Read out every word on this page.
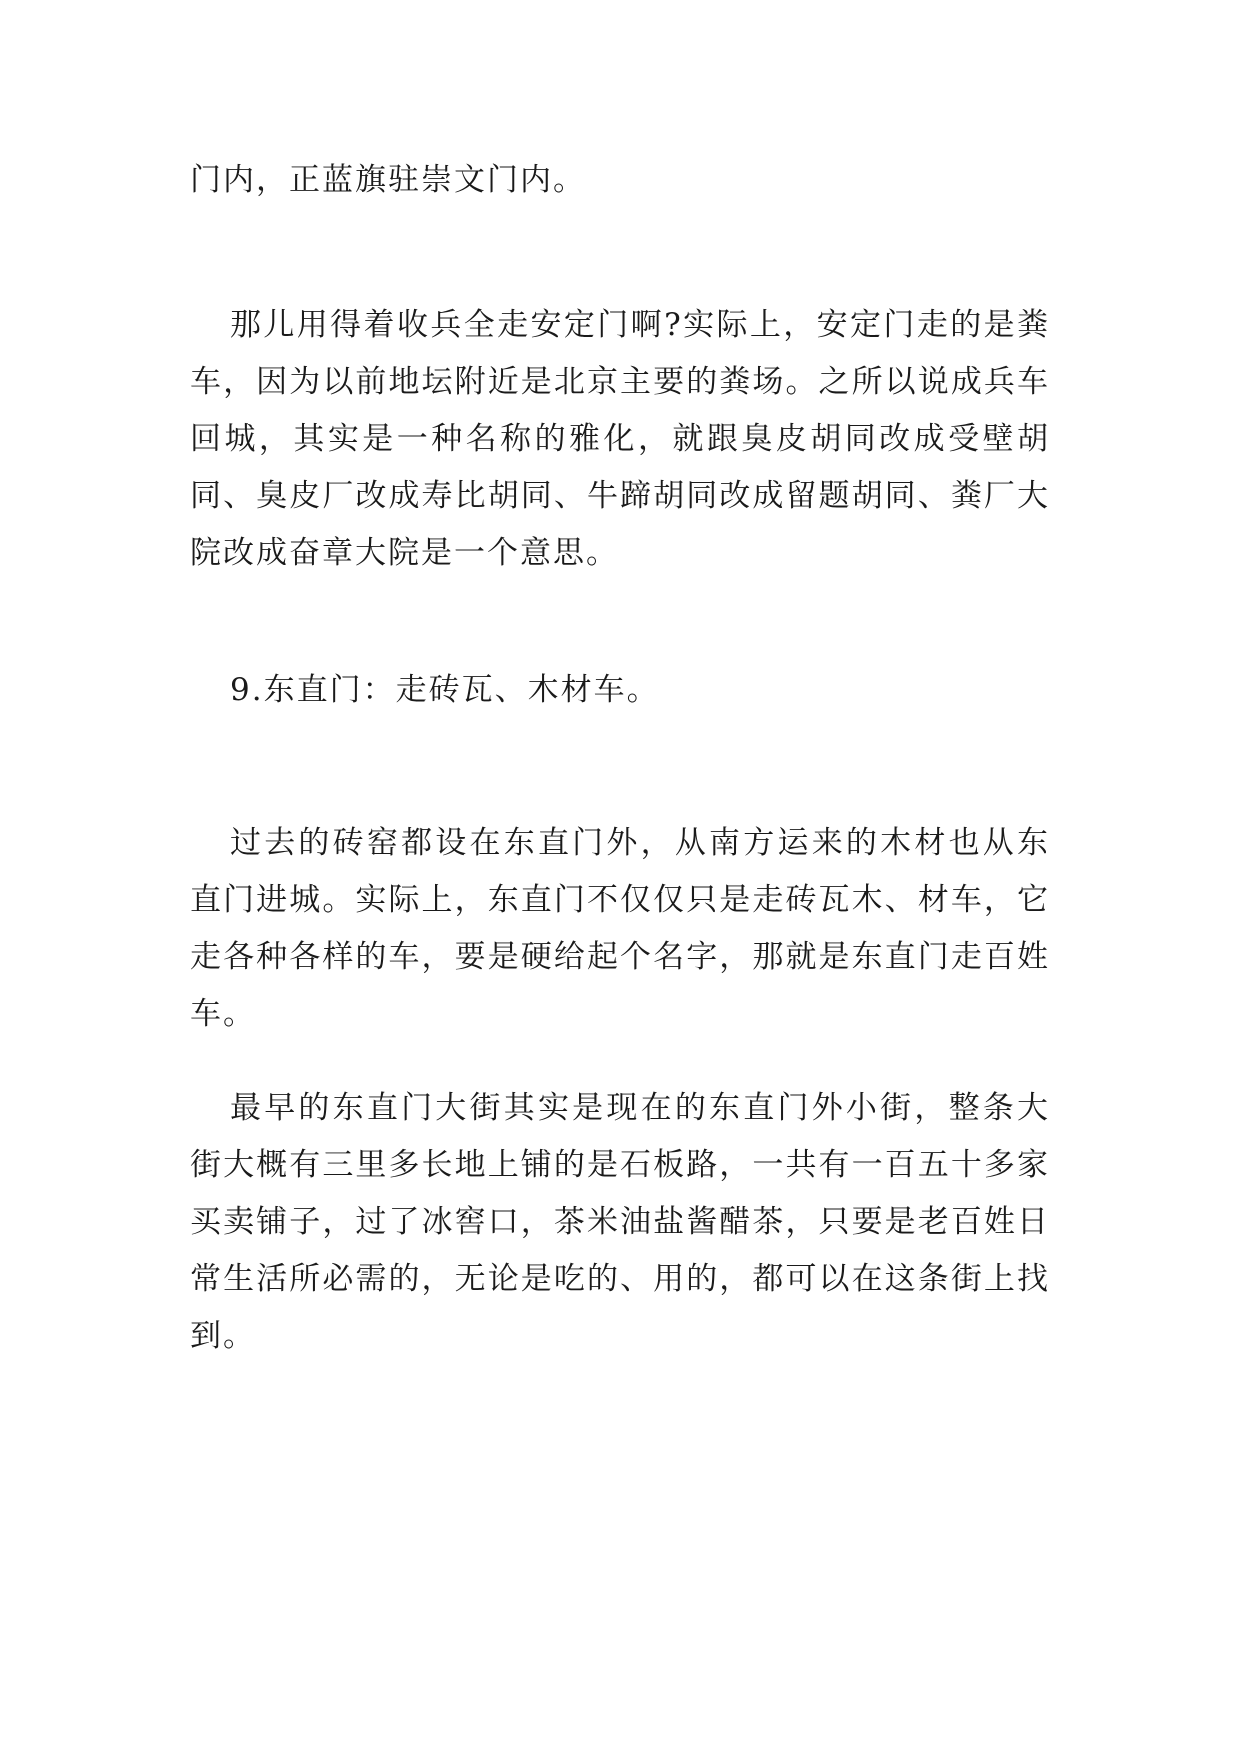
门内，正蓝旗驻崇文门内。

那儿用得着收兵全走安定门啊?实际上，安定门走的是粪车，因为以前地坛附近是北京主要的粪场。之所以说成兵车回城，其实是一种名称的雅化，就跟臭皮胡同改成受壁胡同、臭皮厂改成寿比胡同、牛蹄胡同改成留题胡同、粪厂大院改成奋章大院是一个意思。

9.东直门：走砖瓦、木材车。

过去的砖窑都设在东直门外，从南方运来的木材也从东直门进城。实际上，东直门不仅仅只是走砖瓦木、材车，它走各种各样的车，要是硬给起个名字，那就是东直门走百姓车。

最早的东直门大街其实是现在的东直门外小街，整条大街大概有三里多长地上铺的是石板路，一共有一百五十多家买卖铺子，过了冰窖口，茶米油盐酱醋茶，只要是老百姓日常生活所必需的，无论是吃的、用的，都可以在这条街上找到。
